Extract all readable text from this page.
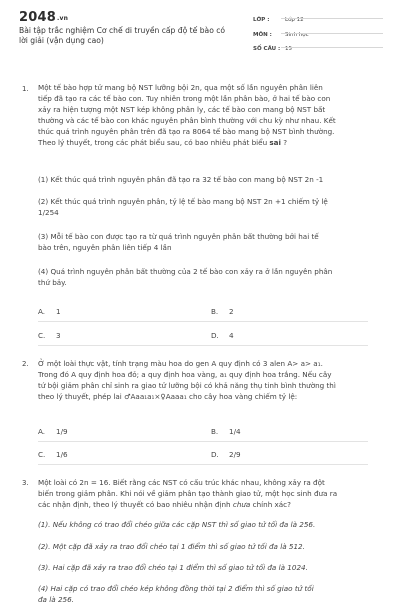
2048.vn
Bài tập trắc nghiệm Cơ chế di truyền cấp độ tế bào có lời giải (vận dụng cao)
LỚP :	Lớp 12
MÔN :	Sinh học
SỐ CÂU : 15
1. Một tế bào hợp tử mang bộ NST lưỡng bội 2n, qua một số lần nguyên phân liên
tiếp đã tạo ra các tế bào con. Tuy nhiên trong một lần phân bào, ở hai tế bào con
xảy ra hiện tượng một NST kép không phân ly, các tế bào con mang bộ NST bất
thường và các tế bào con khác nguyên phân bình thường với chu kỳ như nhau. Kết
thúc quá trình nguyên phân trên đã tạo ra 8064 tế bào mang bộ NST bình thường.
Theo lý thuyết, trong các phát biểu sau, có bao nhiêu phát biểu sai ?
(1) Kết thúc quá trình nguyên phân đã tạo ra 32 tế bào con mang bộ NST 2n -1
(2) Kết thúc quá trình nguyên phân, tỷ lệ tế bào mang bộ NST 2n +1 chiếm tỷ lệ
1/254
(3) Mỗi tế bào con được tạo ra từ quá trình nguyên phân bất thường bởi hai tế
bào trên, nguyên phân liên tiếp 4 lần
(4) Quá trình nguyên phân bất thường của 2 tế bào con xảy ra ở lần nguyên phân
thứ bảy.
A. 1	B. 2
C. 3	D. 4
2. Ở một loài thực vật, tính trạng màu hoa do gen A quy định có 3 alen A> a> a₁.
Trong đó A quy định hoa đỏ; a quy định hoa vàng, a₁ quy định hoa trắng. Nếu cây
tứ bội giảm phân chỉ sinh ra giao tử lưỡng bội có khả năng thụ tinh bình thường thì
theo lý thuyết, phép lai ♂Aaa₁a₁×♀Aaaa₁ cho cây hoa vàng chiếm tỷ lệ:
A. 1/9	B. 1/4
C. 1/6	D. 2/9
3. Một loài có 2n = 16. Biết rằng các NST có cấu trúc khác nhau, không xảy ra đột
biến trong giảm phân. Khi nói về giảm phân tạo thành giao tử, một học sinh đưa ra
các nhận định, theo lý thuyết có bao nhiêu nhận định chưa chính xác?
(1). Nếu không có trao đổi chéo giữa các cặp NST thì số giao tử tối đa là 256.
(2). Một cặp đã xảy ra trao đổi chéo tại 1 điểm thì số giao tử tối đa là 512.
(3). Hai cặp đã xảy ra trao đổi chéo tại 1 điểm thì số giao tử tối đa là 1024.
(4) Hai cặp có trao đổi chéo kép không đồng thời tại 2 điểm thì số giao tử tối
đa là 256.
